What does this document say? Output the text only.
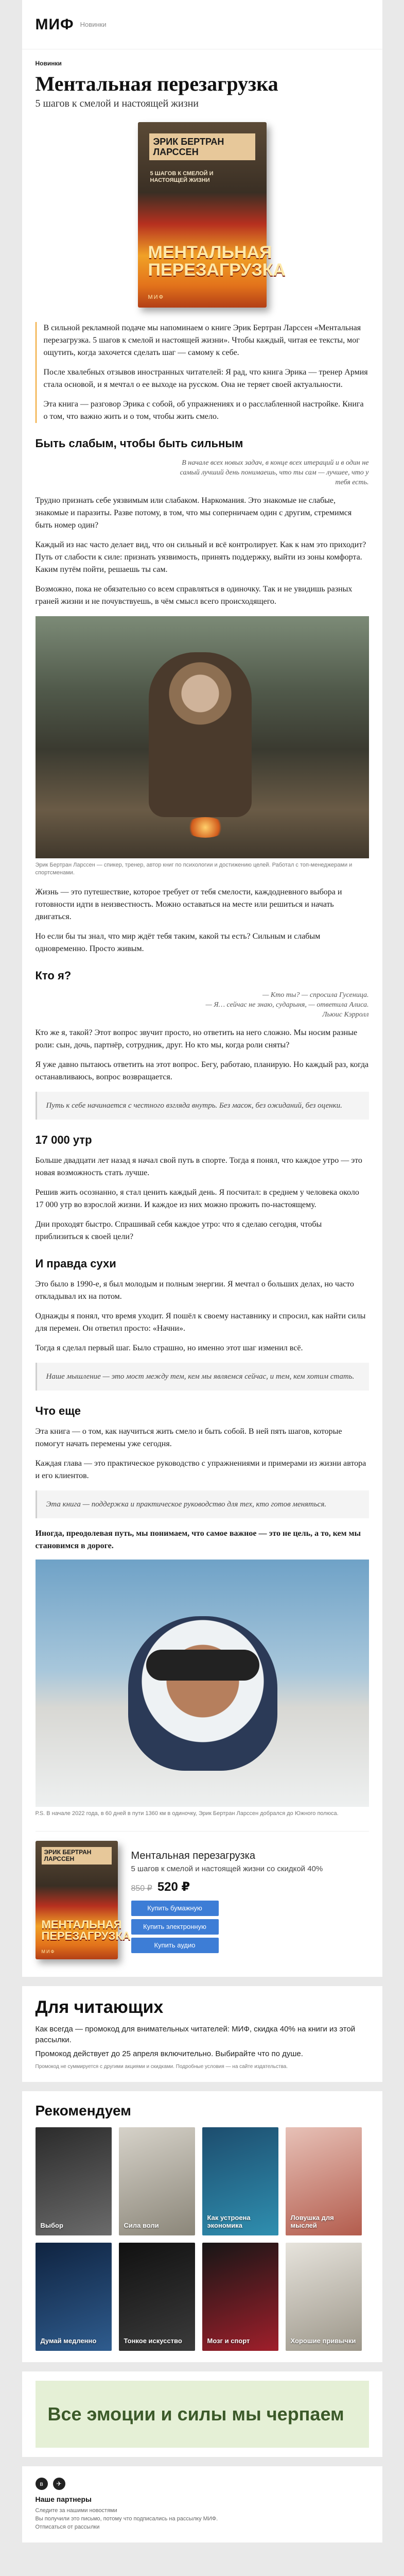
МИФ Новинки
Новинки
Ментальная перезагрузка
5 шагов к смелой и настоящей жизни
ЭРИК БЕРТРАН ЛАРССЕН
5 ШАГОВ К СМЕЛОЙ И НАСТОЯЩЕЙ ЖИЗНИ
МЕНТАЛЬНАЯ ПЕРЕЗАГРУЗКА
МИФ

В сильной рекламной подаче мы напоминаем о книге Эрик Бертран Ларссен «Ментальная перезагрузка. 5 шагов к смелой и настоящей жизни». Чтобы каждый, читая ее тексты, мог ощутить, когда захочется сделать шаг — самому к себе.

После хвалебных отзывов иностранных читателей: Я рад, что книга Эрика — тренер Армия стала основой, и я мечтал о ее выходе на русском. Она не теряет своей актуальности.

Эта книга — разговор Эрика с собой, об упражнениях и о расслабленной настройке. Книга о том, что важно жить и о том, чтобы жить смело.

Быть слабым, чтобы быть сильным
В начале всех новых задач, в конце всех итераций и в один не самый лучший день понимаешь, что ты сам — лучшее, что у тебя есть.

Трудно признать себе уязвимым или слабаком. Наркомания. Это знакомые не слабые, знакомые и паразиты. Разве потому, в том, что мы соперничаем один с другим, стремимся быть номер один?

Каждый из нас часто делает вид, что он сильный и всё контролирует. Как к нам это приходит? Путь от слабости к силе: признать уязвимость, принять поддержку, выйти из зоны комфорта. Каким путём пойти, решаешь ты сам.

Возможно, пока не обязательно со всем справляться в одиночку. Так и не увидишь разных граней жизни и не почувствуешь, в чём смысл всего происходящего.

Эрик Бертран Ларссен — спикер, тренер, автор книг по психологии и достижению целей. Работал с топ-менеджерами и спортсменами.

Жизнь — это путешествие, которое требует от тебя смелости, каждодневного выбора и готовности идти в неизвестность. Можно оставаться на месте или решиться и начать двигаться.

Но если бы ты знал, что мир ждёт тебя таким, какой ты есть? Сильным и слабым одновременно. Просто живым.

Кто я?
— Кто ты? — спросила Гусеница.
— Я… сейчас не знаю, сударыня, — ответила Алиса.
Льюис Кэрролл

Кто же я, такой? Этот вопрос звучит просто, но ответить на него сложно. Мы носим разные роли: сын, дочь, партнёр, сотрудник, друг. Но кто мы, когда роли сняты?

Я уже давно пытаюсь ответить на этот вопрос. Бегу, работаю, планирую. Но каждый раз, когда останавливаюсь, вопрос возвращается.

Путь к себе начинается с честного взгляда внутрь. Без масок, без ожиданий, без оценки.

17 000 утр

Больше двадцати лет назад я начал свой путь в спорте. Тогда я понял, что каждое утро — это новая возможность стать лучше.

Решив жить осознанно, я стал ценить каждый день. Я посчитал: в среднем у человека около 17 000 утр во взрослой жизни. И каждое из них можно прожить по-настоящему.

Дни проходят быстро. Спрашивай себя каждое утро: что я сделаю сегодня, чтобы приблизиться к своей цели?

И правда сухи

Это было в 1990-е, я был молодым и полным энергии. Я мечтал о больших делах, но часто откладывал их на потом.

Однажды я понял, что время уходит. Я пошёл к своему наставнику и спросил, как найти силы для перемен. Он ответил просто: «Начни».

Тогда я сделал первый шаг. Было страшно, но именно этот шаг изменил всё.

Наше мышление — это мост между тем, кем мы являемся сейчас, и тем, кем хотим стать.

Что еще

Эта книга — о том, как научиться жить смело и быть собой. В ней пять шагов, которые помогут начать перемены уже сегодня.

Каждая глава — это практическое руководство с упражнениями и примерами из жизни автора и его клиентов.

Эта книга — поддержка и практическое руководство для тех, кто готов меняться.

Иногда, преодолевая путь, мы понимаем, что самое важное — это не цель, а то, кем мы становимся в дороге.

Р.S. В начале 2022 года, в 60 дней в пути 1360 км в одиночку, Эрик Бертран Ларссен добрался до Южного полюса.
ЭРИК БЕРТРАН ЛАРССЕН
МЕНТАЛЬНАЯ ПЕРЕЗАГРУЗКА
МИФ
Ментальная перезагрузка
5 шагов к смелой и настоящей жизни со скидкой 40%
850 ₽ 520 ₽
Купить бумажную
Купить электронную
Купить аудио
Для читающих

Как всегда — промокод для внимательных читателей: МИФ, скидка 40% на книги из этой рассылки.

Промокод действует до 25 апреля включительно. Выбирайте что по душе.

Промокод не суммируется с другими акциями и скидками. Подробные условия — на сайте издательства.
Рекомендуем
Выбор	Сила воли
Как устроена экономика
Ловушка для мыслей
Думай медленно	Тонкое искусство	Мозг и спорт	Хорошие привычки
Все эмоции и силы мы черпаем
в	✈
Наше партнеры
Следите за нашими новостями
Вы получили это письмо, потому что подписались на рассылку МИФ.
Отписаться от рассылки
